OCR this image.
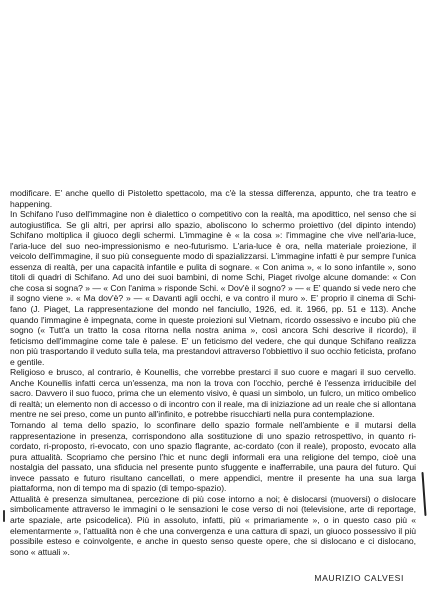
modificare. E' anche quello di Pistoletto spettacolo, ma c'è la stessa differenza, appunto, che tra teatro e happening.

In Schifano l'uso dell'immagine non è dialettico o competitivo con la realtà, ma apodittico, nel senso che si autogiustifica. Se gli altri, per aprirsi allo spazio, aboliscono lo schermo proiettivo (del dipinto intendo) Schifano moltiplica il giuoco degli schermi. L'immagine è « la cosa »: l'immagine che vive nell'aria-luce, l'aria-luce del suo neo-impressionismo e neo-futurismo. L'aria-luce è ora, nella materiale proiezione, il veicolo dell'immagine, il suo più conseguente modo di spazializzarsi. L'immagine infatti è pur sempre l'unica essenza di realtà, per una capacità infantile e pulita di sognare. « Con anima », « Io sono infantile », sono titoli di quadri di Schifano. Ad uno dei suoi bambini, di nome Schi, Piaget rivolge alcune domande: « Con che cosa si sogna? » — « Con l'anima » risponde Schi. « Dov'è il sogno? » — « E' quando si vede nero che il sogno viene ». « Ma dov'è? » — « Davanti agli occhi, e va contro il muro ». E' proprio il cinema di Schi-fano (J. Piaget, La rappresentazione del mondo nel fanciullo, 1926, ed. it. 1966, pp. 51 e 113). Anche quando l'immagine è impegnata, come in queste proiezioni sul Vietnam, ricordo ossessivo e incubo più che sogno (« Tutt'a un tratto la cosa ritorna nella nostra anima », così ancora Schi descrive il ricordo), il feticismo dell'immagine come tale è palese. E' un feticismo del vedere, che qui dunque Schifano realizza non più trasportando il veduto sulla tela, ma prestandovi attraverso l'obbiettivo il suo occhio feticista, profano e gentile.

Religioso e brusco, al contrario, è Kounellis, che vorrebbe prestarci il suo cuore e magari il suo cervello. Anche Kounellis infatti cerca un'essenza, ma non la trova con l'occhio, perché è l'essenza irriducibile del sacro. Davvero il suo fuoco, prima che un elemento visivo, è quasi un simbolo, un fulcro, un mitico ombelico di realtà; un elemento non di accesso o di incontro con il reale, ma di iniziazione ad un reale che si allontana mentre ne sei preso, come un punto all'infinito, e potrebbe risucchiarti nella pura contemplazione.

Tornando al tema dello spazio, lo sconfinare dello spazio formale nell'ambiente e il mutarsi della rappresentazione in presenza, corrispondono alla sostituzione di uno spazio retrospettivo, in quanto ri-cordato, ri-proposto, ri-evocato, con uno spazio flagrante, ac-cordato (con il reale), proposto, evocato alla pura attualità. Scopriamo che persino l'hic et nunc degli informali era una religione del tempo, cioè una nostalgia del passato, una sfiducia nel presente punto sfuggente e inafferrabile, una paura del futuro. Qui invece passato e futuro risultano cancellati, o mere appendici, mentre il presente ha una sua larga piattaforma, non di tempo ma di spazio (di tempo-spazio).

Attualità è presenza simultanea, percezione di più cose intorno a noi; è dislocarsi (muoversi) o dislocare simbolicamente attraverso le immagini o le sensazioni le cose verso di noi (televisione, arte di reportage, arte spaziale, arte psicodelica). Più in assoluto, infatti, più « primariamente », o in questo caso più « elementarmente », l'attualità non è che una convergenza e una cattura di spazi, un giuoco possessivo il più possibile esteso e coinvolgente, e anche in questo senso queste opere, che si dislocano e ci dislocano, sono « attuali ».

MAURIZIO CALVESI
